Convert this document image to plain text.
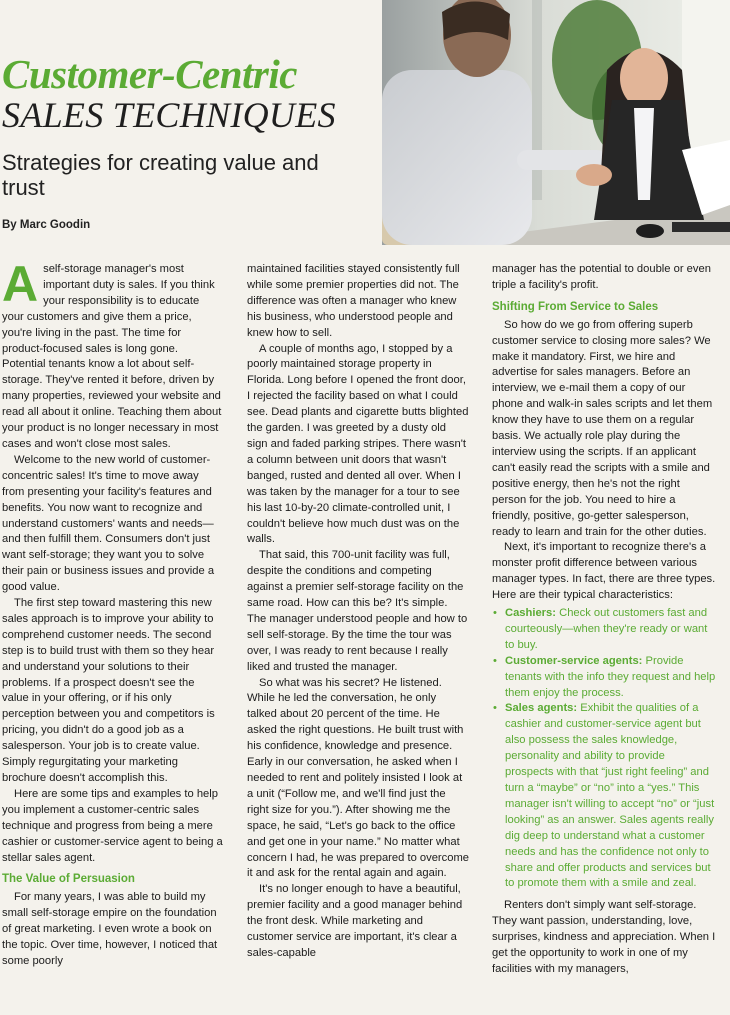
Customer-Centric
SALES TECHNIQUES
Strategies for creating value and trust
By Marc Goodin

Aself-storage manager's most important duty is sales. If you think your responsibility is to educate your customers and give them a price, you're living in the past. The time for product-focused sales is long gone. Potential tenants know a lot about self-storage. They've rented it before, driven by many properties, reviewed your website and read all about it online. Teaching them about your product is no longer necessary in most cases and won't close most sales.

Welcome to the new world of customer-concentric sales! It's time to move away from presenting your facility's features and benefits. You now want to recognize and understand customers' wants and needs—and then fulfill them. Consumers don't just want self-storage; they want you to solve their pain or business issues and provide a good value.

The first step toward mastering this new sales approach is to improve your ability to comprehend customer needs. The second step is to build trust with them so they hear and understand your solutions to their problems. If a prospect doesn't see the value in your offering, or if his only perception between you and competitors is pricing, you didn't do a good job as a salesperson. Your job is to create value. Simply regurgitating your marketing brochure doesn't accomplish this.

Here are some tips and examples to help you implement a customer-centric sales technique and progress from being a mere cashier or customer-service agent to being a stellar sales agent.

The Value of Persuasion

For many years, I was able to build my small self-storage empire on the foundation of great marketing. I even wrote a book on the topic. Over time, however, I noticed that some poorly

maintained facilities stayed consistently full while some premier properties did not. The difference was often a manager who knew his business, who understood people and knew how to sell.

A couple of months ago, I stopped by a poorly maintained storage property in Florida. Long before I opened the front door, I rejected the facility based on what I could see. Dead plants and cigarette butts blighted the garden. I was greeted by a dusty old sign and faded parking stripes. There wasn't a column between unit doors that wasn't banged, rusted and dented all over. When I was taken by the manager for a tour to see his last 10-by-20 climate-controlled unit, I couldn't believe how much dust was on the walls.

That said, this 700-unit facility was full, despite the conditions and competing against a premier self-storage facility on the same road. How can this be? It's simple. The manager understood people and how to sell self-storage. By the time the tour was over, I was ready to rent because I really liked and trusted the manager.

So what was his secret? He listened. While he led the conversation, he only talked about 20 percent of the time. He asked the right questions. He built trust with his confidence, knowledge and presence. Early in our conversation, he asked when I needed to rent and politely insisted I look at a unit (“Follow me, and we'll find just the right size for you.”). After showing me the space, he said, “Let's go back to the office and get one in your name.” No matter what concern I had, he was prepared to overcome it and ask for the rental again and again.

It's no longer enough to have a beautiful, premier facility and a good manager behind the front desk. While marketing and customer service are important, it's clear a sales-capable

manager has the potential to double or even triple a facility's profit.

Shifting From Service to Sales

So how do we go from offering superb customer service to closing more sales? We make it mandatory. First, we hire and advertise for sales managers. Before an interview, we e-mail them a copy of our phone and walk-in sales scripts and let them know they have to use them on a regular basis. We actually role play during the interview using the scripts. If an applicant can't easily read the scripts with a smile and positive energy, then he's not the right person for the job. You need to hire a friendly, positive, go-getter salesperson, ready to learn and train for the other duties.

Next, it's important to recognize there's a monster profit difference between various manager types. In fact, there are three types. Here are their typical characteristics:

• Cashiers: Check out customers fast and courteously—when they're ready or want to buy.
• Customer-service agents: Provide tenants with the info they request and help them enjoy the process.
• Sales agents: Exhibit the qualities of a cashier and customer-service agent but also possess the sales knowledge, personality and ability to provide prospects with that “just right feeling” and turn a “maybe” or “no” into a “yes.” This manager isn't willing to accept “no” or “just looking” as an answer. Sales agents really dig deep to understand what a customer needs and has the confidence not only to share and offer products and services but to promote them with a smile and zeal.

Renters don't simply want self-storage. They want passion, understanding, love, surprises, kindness and appreciation. When I get the opportunity to work in one of my facilities with my managers,
